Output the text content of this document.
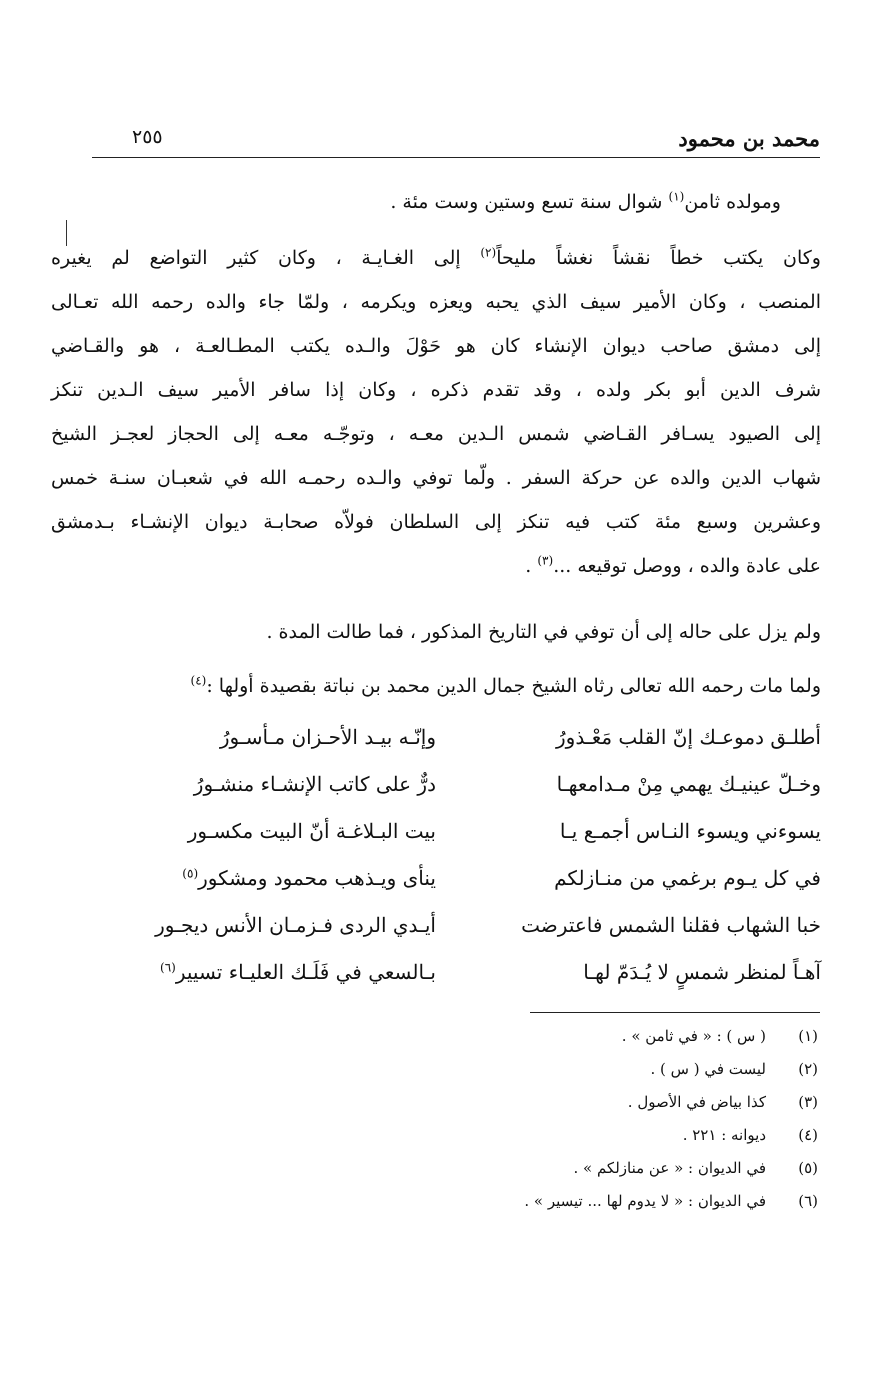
محمد بن محمود
٢٥٥
ومولده ثامن$^{(١)}$ شوال سنة تسع وستين وست مئة .
وكان يكتب خطاً نقشاً نغشاً مليحاً$^{(٢)}$ إلى الغـايـة ، وكان كثير التواضع لم يغيره
المنصب ، وكان الأمير سيف الذي يحبه ويعزه ويكرمه ، ولمّا جاء والده رحمه الله تعـالى
إلى دمشق صاحب ديوان الإنشاء كان هو حَوْلَ والـده يكتب المطـالعـة ، هو والقـاضي
شرف الدين أبو بكر ولده ، وقد تقدم ذكره ، وكان إذا سافر الأمير سيف الـدين تنكز
إلى الصيود يسـافر القـاضي شمس الـدين معـه ، وتوجّـه معـه إلى الحجاز لعجـز الشيخ
شهاب الدين والده عن حركة السفر . ولّما توفي والـده رحمـه الله في شعبـان سنـة خمس
وعشرين وسبع مئة كتب فيه تنكز إلى السلطان فولاّه صحابـة ديوان الإنشـاء بـدمشق
على عادة والده ، ووصل توقيعه ...$^{(٣)}$ .
ولم يزل على حاله إلى أن توفي في التاريخ المذكور ، فما طالت المدة .
ولما مات رحمه الله تعالى رثاه الشيخ جمال الدين محمد بن نباتة بقصيدة أولها :$^{(٤)}$
أطلـق دموعـك إنّ القلب مَعْـذورُ
وإنّـه بيـد الأحـزان مـأسـورُ
وخـلّ عينيـك يهمي مِنْ مـدامعهـا
درٌّ على كاتب الإنشـاء منشـورُ
يسوءني ويسوء النـاس أجمـع يـا
بيت البـلاغـة أنّ البيت مكسـور
في كل يـوم برغمي من منـازلكم
ينأى ويـذهب محمود ومشكور$^{(٥)}$
خبا الشهاب فقلنا الشمس فاعترضت
أيـدي الردى فـزمـان الأنس ديجـور
آهـاً لمنظر شمسٍ لا يُـدَمّ لهـا
بـالسعي في فَلَـك العليـاء تسيير$^{(٦)}$
(١)
( س ) : « في ثامن » .
(٢)
ليست في ( س ) .
(٣)
كذا بياض في الأصول .
(٤)
ديوانه : ٢٢١ .
(٥)
في الديوان : « عن منازلكم » .
(٦)
في الديوان : « لا يدوم لها ... تيسير » .
